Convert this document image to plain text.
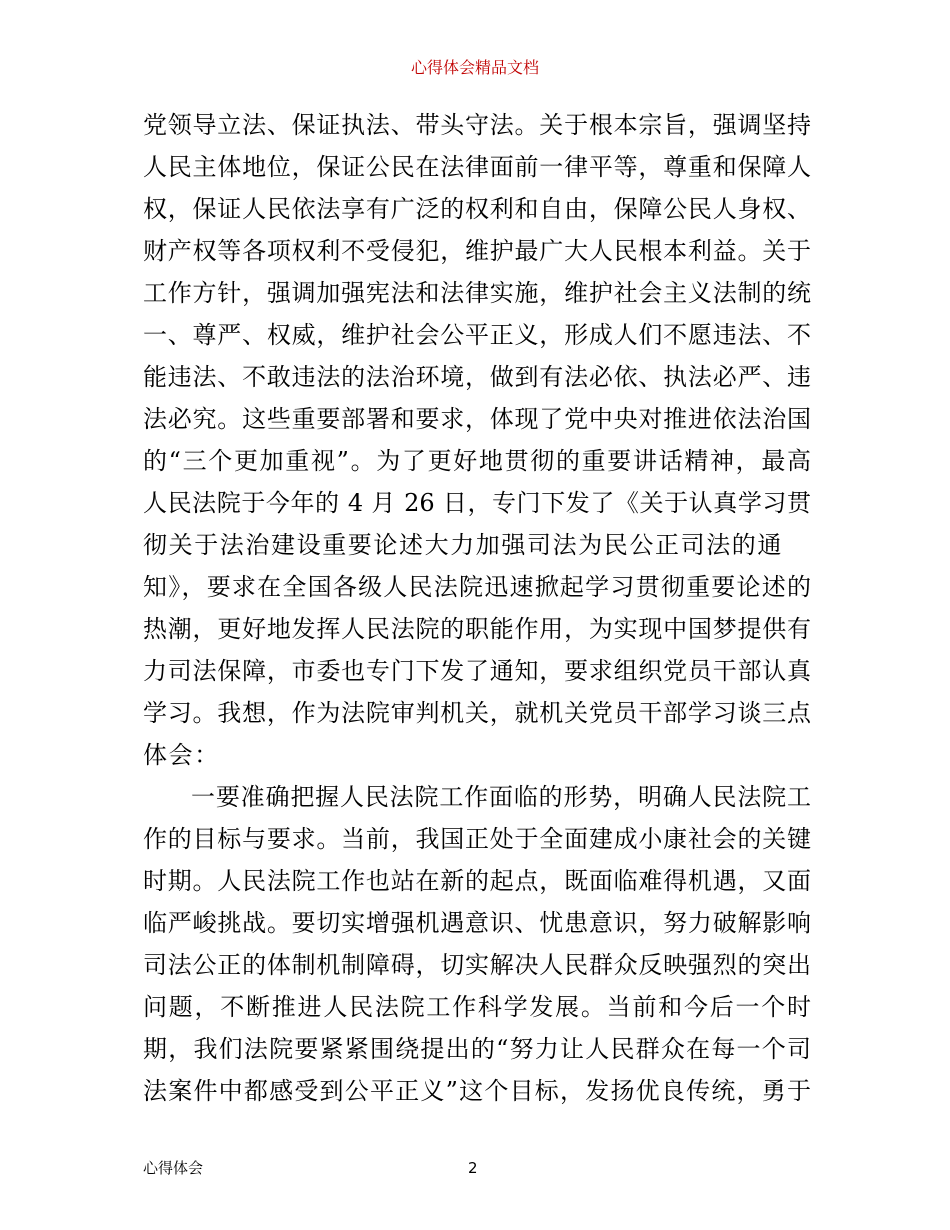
心得体会精品文档
党领导立法、保证执法、带头守法。关于根本宗旨，强调坚持
人民主体地位，保证公民在法律面前一律平等，尊重和保障人
权，保证人民依法享有广泛的权利和自由，保障公民人身权、
财产权等各项权利不受侵犯，维护最广大人民根本利益。关于
工作方针，强调加强宪法和法律实施，维护社会主义法制的统
一、尊严、权威，维护社会公平正义，形成人们不愿违法、不
能违法、不敢违法的法治环境，做到有法必依、执法必严、违
法必究。这些重要部署和要求，体现了党中央对推进依法治国
的“三个更加重视”。为了更好地贯彻的重要讲话精神，最高
人民法院于今年的 4 月 26 日，专门下发了《关于认真学习贯
彻关于法治建设重要论述大力加强司法为民公正司法的通
知》，要求在全国各级人民法院迅速掀起学习贯彻重要论述的
热潮，更好地发挥人民法院的职能作用，为实现中国梦提供有
力司法保障，市委也专门下发了通知，要求组织党员干部认真
学习。我想，作为法院审判机关，就机关党员干部学习谈三点
体会：
一要准确把握人民法院工作面临的形势，明确人民法院工
作的目标与要求。当前，我国正处于全面建成小康社会的关键
时期。人民法院工作也站在新的起点，既面临难得机遇，又面
临严峻挑战。要切实增强机遇意识、忧患意识，努力破解影响
司法公正的体制机制障碍，切实解决人民群众反映强烈的突出
问题，不断推进人民法院工作科学发展。当前和今后一个时
期，我们法院要紧紧围绕提出的“努力让人民群众在每一个司
法案件中都感受到公平正义”这个目标，发扬优良传统，勇于
心得体会	2
